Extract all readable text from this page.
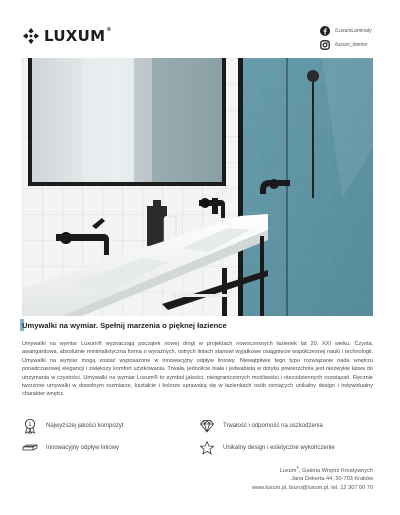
LUXUM®	/LuxumLaminaty
/luxum_interior
Umywalki na wymiar. Spełnij marzenia o pięknej łazience

Umywalki na wymiar Luxum® wyznaczają początek nowej drogi w projektach nowoczesnych łazienek lat 20. XXI wieku. Czysta, awangardowa, absolutnie minimalistyczna forma o wyraźnych, ostrych liniach stanowi wyjątkowe osiągnięcie współczesnej nauki i technologii. Umywalki na wymiar mogą zostać wyposażone w innowacyjny odpływ liniowy. Niewątpliwie tego typu rozwiązanie nada wnętrzu ponadczasowej elegancji i zwiększy komfort użytkowania. Trwała, jednolicie biała i jedwabista w dotyku powierzchnia jest niezwykle łatwa do utrzymania w czystości. Umywalki na wymiar Luxum® to symbol jakości, nieograniczonych możliwości i niecodziennych rozwiązań. Ręcznie tworzone umywalki w dowolnym rozmiarze, kształcie i kolorze sprawdzą się w łazienkach osób ceniących unikalny design i indywidualny charakter wnętrz.

1 Najwyższej jakości kompozyt	Trwałość i odporność na uszkodzenia
Innowacyjny odpływ liniowy	Unikalny design i estetyczne wykończenie
Luxum®, Galeria Wnętrz Kreatywnych
Jana Dekerta 44, 30-703 Kraków
www.luxum.pl, biuro@luxum.pl, tel. 12 307 00 70
